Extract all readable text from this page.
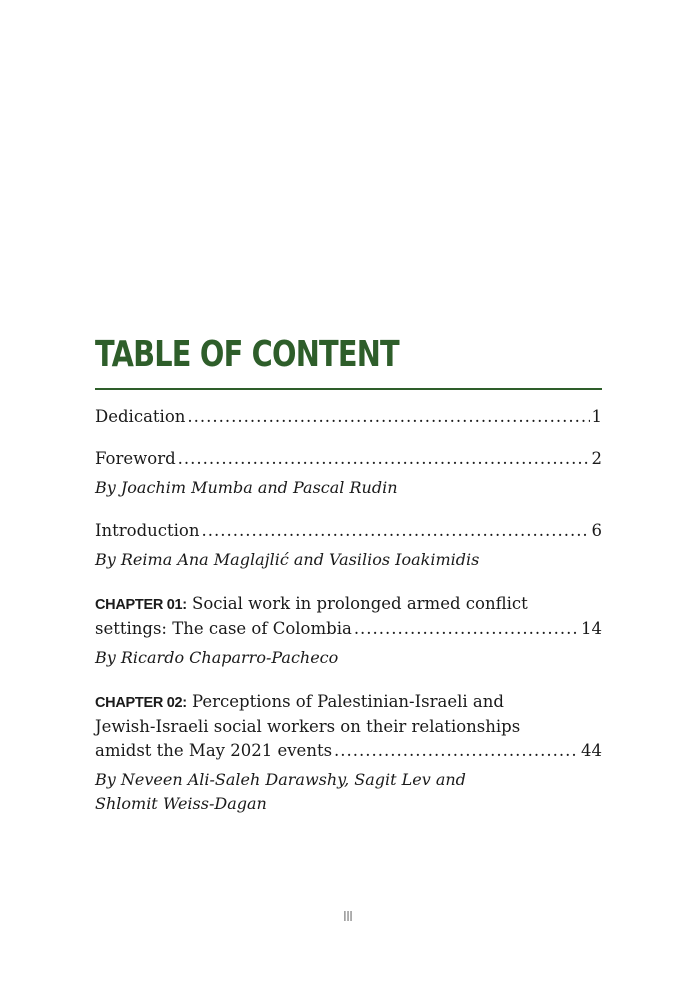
TABLE OF CONTENT
Dedication .....	1
Foreword .....	2
By Joachim Mumba and Pascal Rudin
Introduction .....	6
By Reima Ana Maglajlić and Vasilios Ioakimidis
CHAPTER 01: Social work in prolonged armed conflict
settings: The case of Colombia .....	14
By Ricardo Chaparro-Pacheco
CHAPTER 02: Perceptions of Palestinian-Israeli and
Jewish-Israeli social workers on their relationships
amidst the May 2021 events .....	44
By Neveen Ali-Saleh Darawshy, Sagit Lev and
Shlomit Weiss-Dagan
III
